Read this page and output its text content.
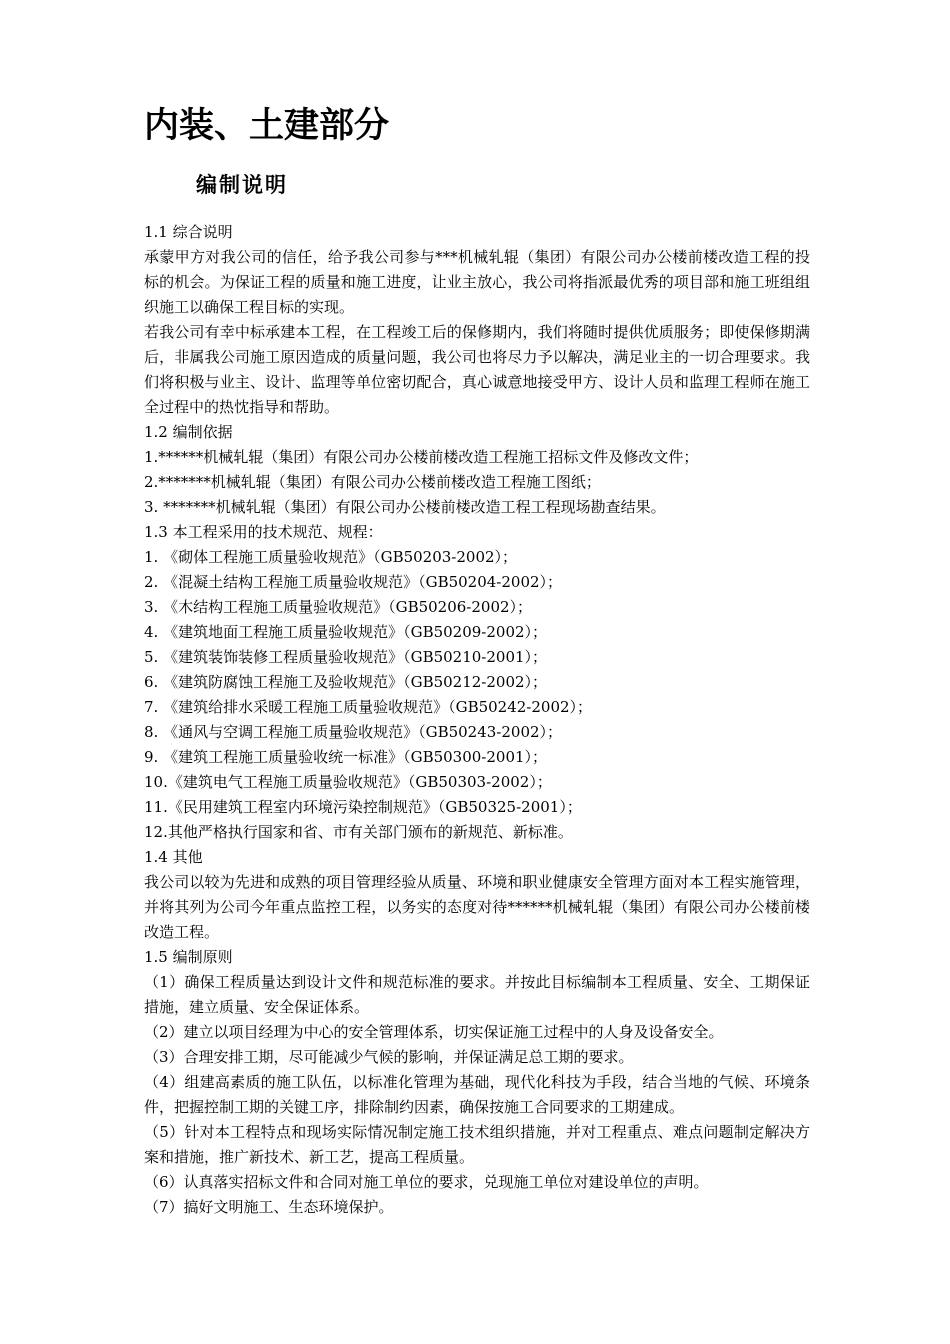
内装、土建部分
编制说明

1.1 综合说明

承蒙甲方对我公司的信任，给予我公司参与***机械轧辊（集团）有限公司办公楼前楼改造工程的投标的机会。为保证工程的质量和施工进度，让业主放心，我公司将指派最优秀的项目部和施工班组组织施工以确保工程目标的实现。

若我公司有幸中标承建本工程，在工程竣工后的保修期内，我们将随时提供优质服务；即使保修期满后，非属我公司施工原因造成的质量问题，我公司也将尽力予以解决，满足业主的一切合理要求。我们将积极与业主、设计、监理等单位密切配合，真心诚意地接受甲方、设计人员和监理工程师在施工全过程中的热忱指导和帮助。

1.2 编制依据

1.******机械轧辊（集团）有限公司办公楼前楼改造工程施工招标文件及修改文件；

2.*******机械轧辊（集团）有限公司办公楼前楼改造工程施工图纸；

3. *******机械轧辊（集团）有限公司办公楼前楼改造工程工程现场勘查结果。

1.3 本工程采用的技术规范、规程：

1. 《砌体工程施工质量验收规范》（GB50203-2002）；

2. 《混凝土结构工程施工质量验收规范》（GB50204-2002）；

3. 《木结构工程施工质量验收规范》（GB50206-2002）；

4. 《建筑地面工程施工质量验收规范》（GB50209-2002）；

5. 《建筑装饰装修工程质量验收规范》（GB50210-2001）；

6. 《建筑防腐蚀工程施工及验收规范》（GB50212-2002）；

7. 《建筑给排水采暖工程施工质量验收规范》（GB50242-2002）；

8. 《通风与空调工程施工质量验收规范》（GB50243-2002）；

9. 《建筑工程施工质量验收统一标准》（GB50300-2001）；

10.《建筑电气工程施工质量验收规范》（GB50303-2002）；

11.《民用建筑工程室内环境污染控制规范》（GB50325-2001）；

12.其他严格执行国家和省、市有关部门颁布的新规范、新标准。

1.4 其他

我公司以较为先进和成熟的项目管理经验从质量、环境和职业健康安全管理方面对本工程实施管理，并将其列为公司今年重点监控工程，以务实的态度对待******机械轧辊（集团）有限公司办公楼前楼改造工程。

1.5 编制原则

（1）确保工程质量达到设计文件和规范标准的要求。并按此目标编制本工程质量、安全、工期保证措施，建立质量、安全保证体系。

（2）建立以项目经理为中心的安全管理体系，切实保证施工过程中的人身及设备安全。

（3）合理安排工期，尽可能减少气候的影响，并保证满足总工期的要求。

（4）组建高素质的施工队伍，以标准化管理为基础，现代化科技为手段，结合当地的气候、环境条件，把握控制工期的关键工序，排除制约因素，确保按施工合同要求的工期建成。

（5）针对本工程特点和现场实际情况制定施工技术组织措施，并对工程重点、难点问题制定解决方案和措施，推广新技术、新工艺，提高工程质量。

（6）认真落实招标文件和合同对施工单位的要求，兑现施工单位对建设单位的声明。

（7）搞好文明施工、生态环境保护。
